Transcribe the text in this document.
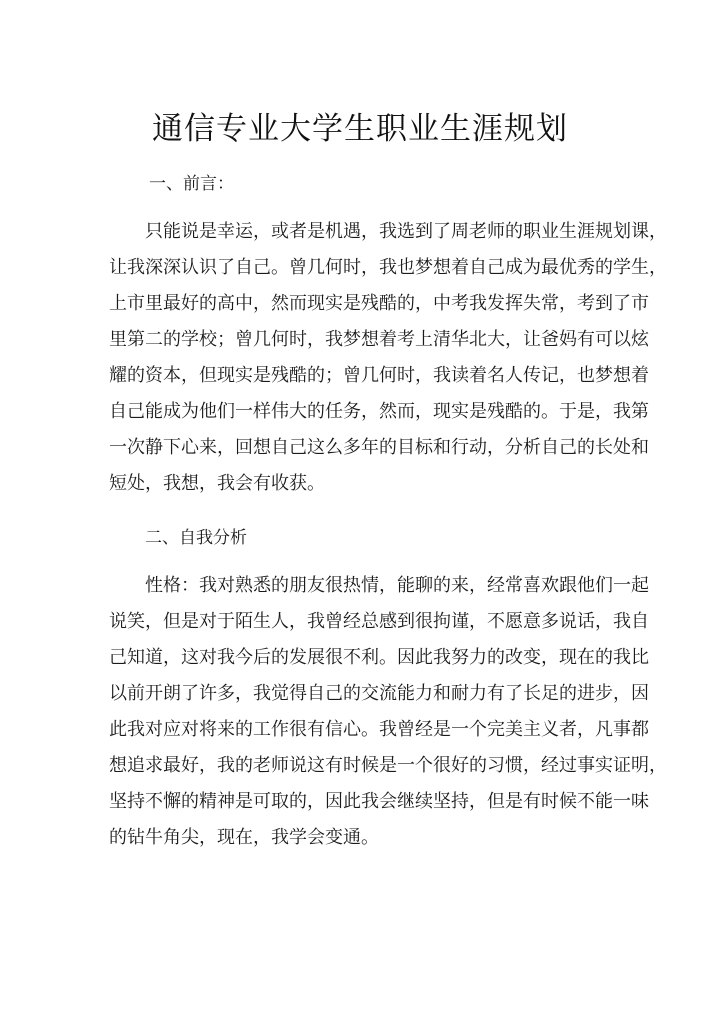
通信专业大学生职业生涯规划
一、前言：
只能说是幸运，或者是机遇，我选到了周老师的职业生涯规划课，
让我深深认识了自己。曾几何时，我也梦想着自己成为最优秀的学生，
上市里最好的高中，然而现实是残酷的，中考我发挥失常，考到了市
里第二的学校；曾几何时，我梦想着考上清华北大，让爸妈有可以炫
耀的资本，但现实是残酷的；曾几何时，我读着名人传记，也梦想着
自己能成为他们一样伟大的任务，然而，现实是残酷的。于是，我第
一次静下心来，回想自己这么多年的目标和行动，分析自己的长处和
短处，我想，我会有收获。
二、自我分析
性格：我对熟悉的朋友很热情，能聊的来，经常喜欢跟他们一起
说笑，但是对于陌生人，我曾经总感到很拘谨，不愿意多说话，我自
己知道，这对我今后的发展很不利。因此我努力的改变，现在的我比
以前开朗了许多，我觉得自己的交流能力和耐力有了长足的进步，因
此我对应对将来的工作很有信心。我曾经是一个完美主义者，凡事都
想追求最好，我的老师说这有时候是一个很好的习惯，经过事实证明，
坚持不懈的精神是可取的，因此我会继续坚持，但是有时候不能一味
的钻牛角尖，现在，我学会变通。
